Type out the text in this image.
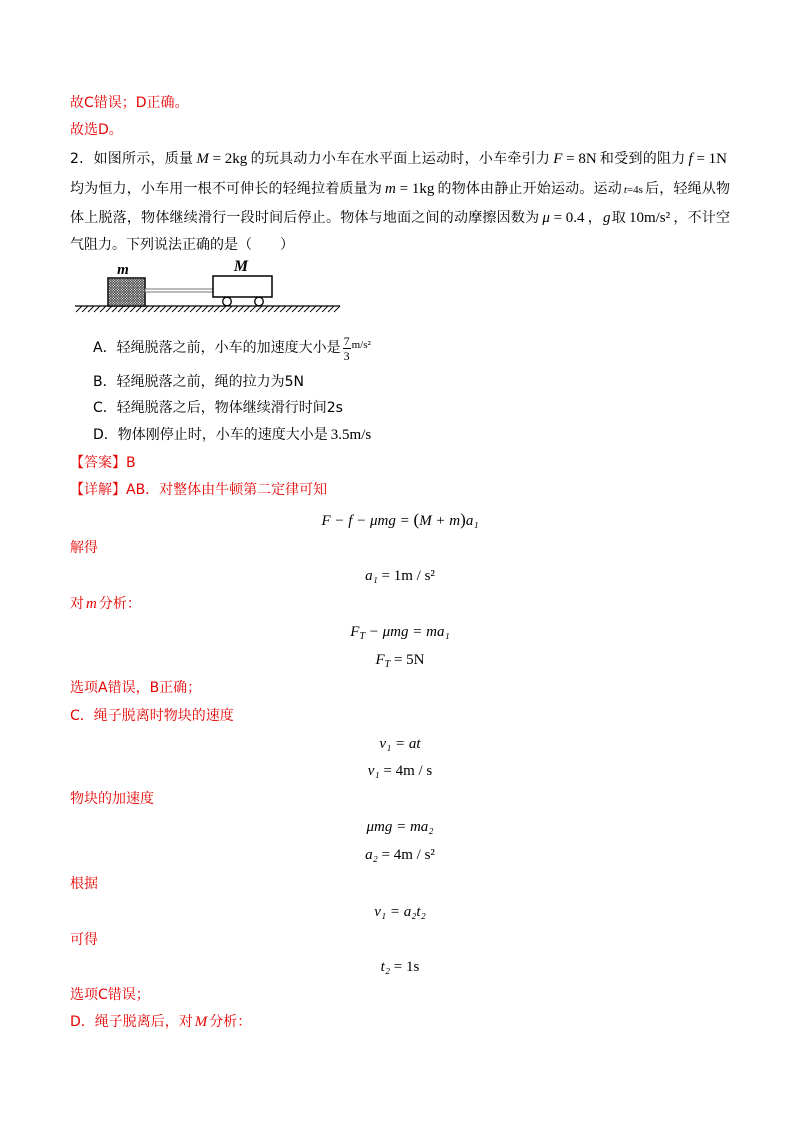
故C错误；D正确。
故选D。
2．如图所示，质量 M = 2kg 的玩具动力小车在水平面上运动时，小车牵引力 F = 8N 和受到的阻力 f = 1N
均为恒力，小车用一根不可伸长的轻绳拉着质量为 m = 1kg 的物体由静止开始运动。运动 t=4s 后，轻绳从物
体上脱落，物体继续滑行一段时间后停止。物体与地面之间的动摩擦因数为 μ = 0.4 ，g取 10m/s² ，不计空
气阻力。下列说法正确的是（　　）
m	M
A．轻绳脱落之前，小车的加速度大小是 $\frac{7}{3} ^{m/s^2}$
B．轻绳脱落之前，绳的拉力为5N
C．轻绳脱落之后，物体继续滑行时间2s
D．物体刚停止时，小车的速度大小是 3.5m/s
【答案】B
【详解】AB．对整体由牛顿第二定律可知
F − f − μmg = (M + m)a₁
解得
a₁ = 1m / s²
对 m 分析：
$F_T - \mu mg = ma_1$
$F_T = 5N$
选项A错误，B正确；
C．绳子脱离时物块的速度
v₁ = at
v₁ = 4m / s
物块的加速度
μmg = ma₂
a₂ = 4m / s²
根据
v₁ = a₂t₂
可得
t₂ = 1s
选项C错误；
D．绳子脱离后，对 M 分析：
